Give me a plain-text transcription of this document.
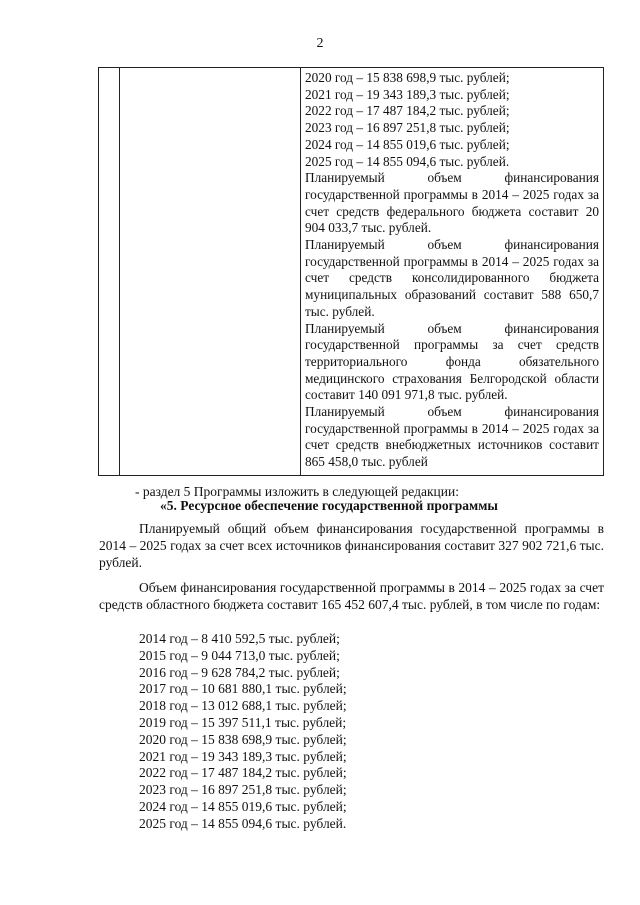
2

2020 год – 15 838 698,9 тыс. рублей;
2021 год – 19 343 189,3 тыс. рублей;
2022 год – 17 487 184,2 тыс. рублей;
2023 год – 16 897 251,8 тыс. рублей;
2024 год – 14 855 019,6 тыс. рублей;
2025 год – 14 855 094,6 тыс. рублей.

Планируемый объем финансирования государственной программы в 2014 – 2025 годах за счет средств федерального бюджета составит 20 904 033,7 тыс. рублей.

Планируемый объем финансирования государственной программы в 2014 – 2025 годах за счет средств консолидированного бюджета муниципальных образований составит 588 650,7 тыс. рублей.

Планируемый объем финансирования государственной программы за счет средств территориального фонда обязательного медицинского страхования Белгородской области составит 140 091 971,8 тыс. рублей.

Планируемый объем финансирования государственной программы в 2014 – 2025 годах за счет средств внебюджетных источников составит 865 458,0 тыс. рублей

- раздел 5 Программы изложить в следующей редакции:
«5. Ресурсное обеспечение государственной программы

Планируемый общий объем финансирования государственной программы в 2014 – 2025 годах за счет всех источников финансирования составит 327 902 721,6 тыс. рублей.

Объем финансирования государственной программы в 2014 – 2025 годах за счет средств областного бюджета составит 165 452 607,4 тыс. рублей, в том числе по годам:

2014 год – 8 410 592,5 тыс. рублей;
2015 год – 9 044 713,0 тыс. рублей;
2016 год – 9 628 784,2 тыс. рублей;
2017 год – 10 681 880,1 тыс. рублей;
2018 год – 13 012 688,1 тыс. рублей;
2019 год – 15 397 511,1 тыс. рублей;
2020 год – 15 838 698,9 тыс. рублей;
2021 год – 19 343 189,3 тыс. рублей;
2022 год – 17 487 184,2 тыс. рублей;
2023 год – 16 897 251,8 тыс. рублей;
2024 год – 14 855 019,6 тыс. рублей;
2025 год – 14 855 094,6 тыс. рублей.
